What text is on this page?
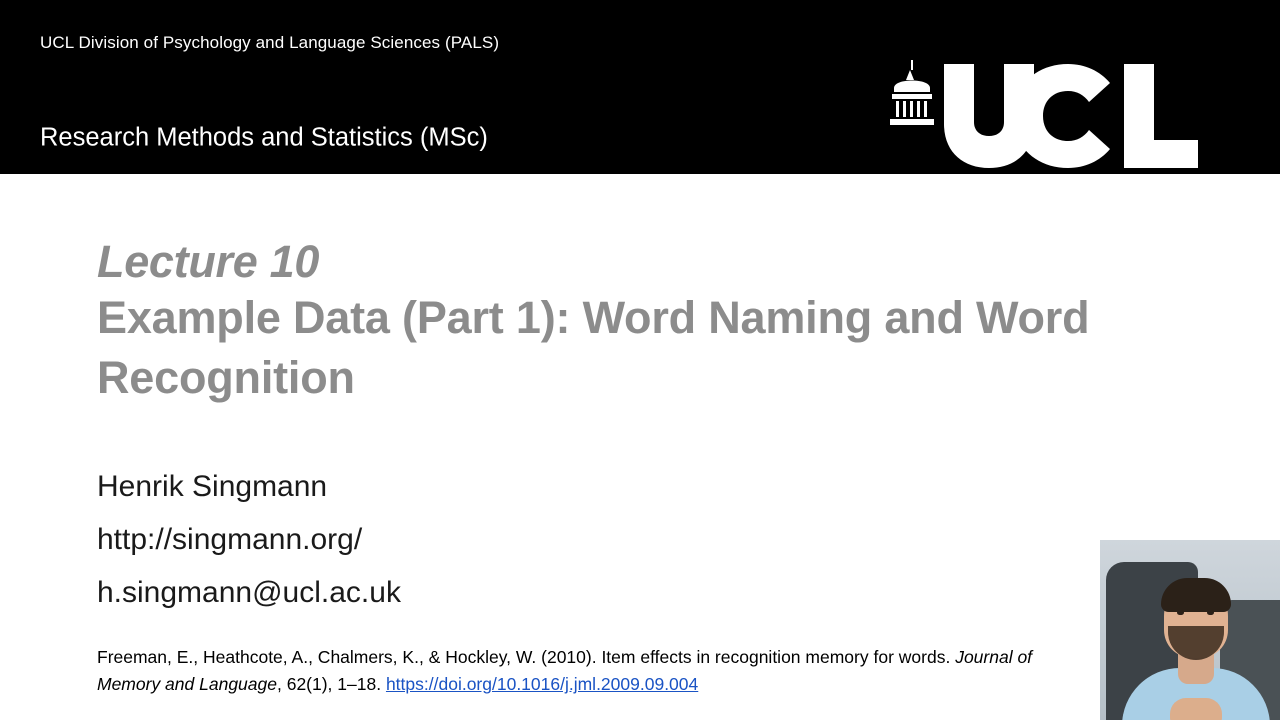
UCL Division of Psychology and Language Sciences (PALS)
Research Methods and Statistics (MSc)
Lecture 10
Example Data (Part 1): Word Naming and Word Recognition
Henrik Singmann
http://singmann.org/
h.singmann@ucl.ac.uk
Freeman, E., Heathcote, A., Chalmers, K., & Hockley, W. (2010). Item effects in recognition memory for words. Journal of Memory and Language, 62(1), 1–18. https://doi.org/10.1016/j.jml.2009.09.004
